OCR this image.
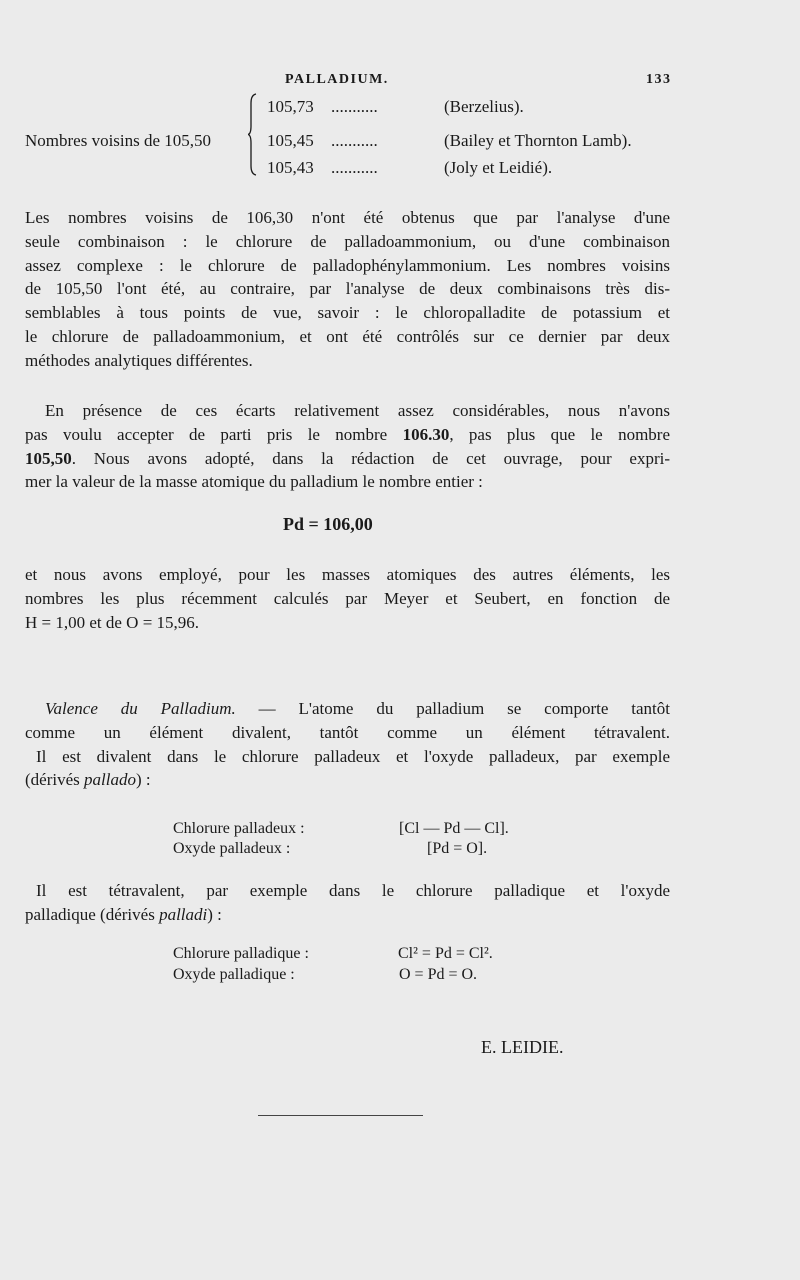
PALLADIUM.	133
Nombres voisins de 105,50
105,73 ...........	(Berzelius).
105,45 ...........	(Bailey et Thornton Lamb).
105,43 ...........	(Joly et Leidié).
Les nombres voisins de 106,30 n'ont été obtenus que par l'analyse d'une
seule combinaison : le chlorure de palladoammonium, ou d'une combinaison
assez complexe : le chlorure de palladophénylammonium. Les nombres voisins
de 105,50 l'ont été, au contraire, par l'analyse de deux combinaisons très dis-
semblables à tous points de vue, savoir : le chloropalladite de potassium et
le chlorure de palladoammonium, et ont été contrôlés sur ce dernier par deux
méthodes analytiques différentes.
En présence de ces écarts relativement assez considérables, nous n'avons
pas voulu accepter de parti pris le nombre 106.30, pas plus que le nombre
105,50. Nous avons adopté, dans la rédaction de cet ouvrage, pour expri-
mer la valeur de la masse atomique du palladium le nombre entier :
Pd = 106,00
et nous avons employé, pour les masses atomiques des autres éléments, les
nombres les plus récemment calculés par Meyer et Seubert, en fonction de
H = 1,00 et de O = 15,96.
Valence du Palladium. — L'atome du palladium se comporte tantôt
comme un élément divalent, tantôt comme un élément tétravalent.
Il est divalent dans le chlorure palladeux et l'oxyde palladeux, par exemple
(dérivés pallado) :
Chlorure palladeux :	[Cl — Pd — Cl].
Oxyde palladeux :	[Pd = O].
Il est tétravalent, par exemple dans le chlorure palladique et l'oxyde
palladique (dérivés palladi) :
Chlorure palladique :	Cl² = Pd = Cl².
Oxyde palladique :	O = Pd = O.
E. LEIDIE.
